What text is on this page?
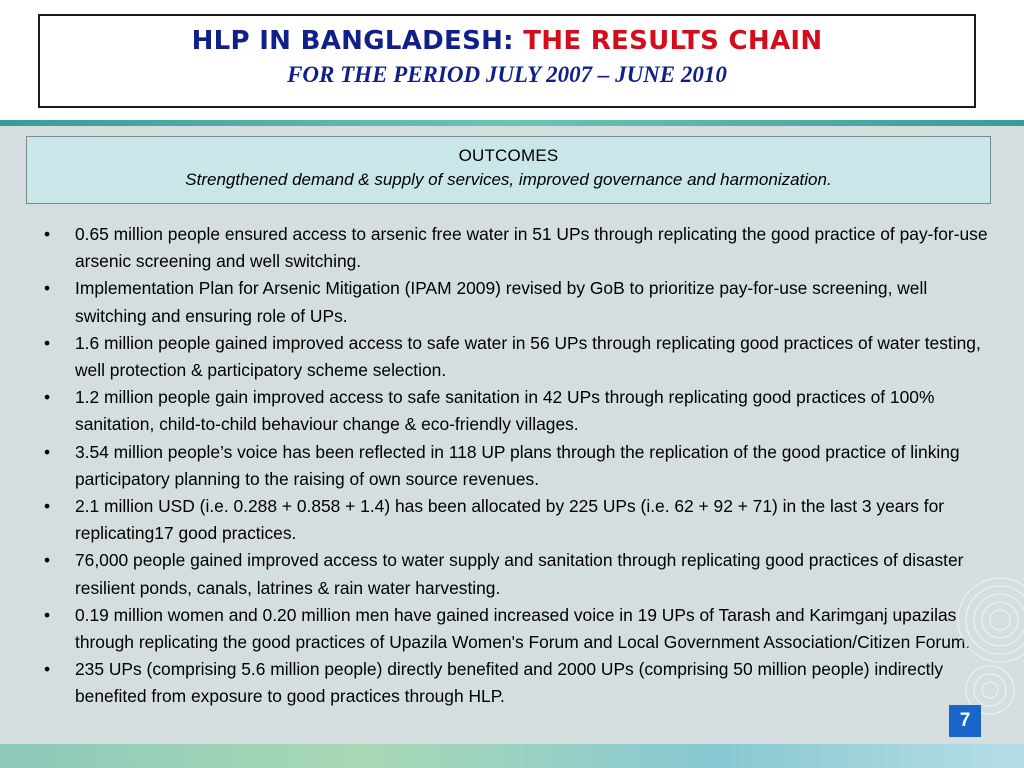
HLP IN BANGLADESH: THE RESULTS CHAIN
FOR THE PERIOD JULY 2007 – JUNE 2010
OUTCOMES
Strengthened demand & supply of services, improved governance and harmonization.
• 0.65 million people ensured access to arsenic free water in 51 UPs through replicating the good practice of pay-for-use arsenic screening and well switching.
• Implementation Plan for Arsenic Mitigation (IPAM 2009) revised by GoB to prioritize pay-for-use screening, well switching and ensuring role of UPs.
• 1.6 million people gained improved access to safe water in 56 UPs through replicating good practices of water testing, well protection & participatory scheme selection.
• 1.2 million people gain improved access to safe sanitation in 42 UPs through replicating good practices of 100% sanitation, child-to-child behaviour change & eco-friendly villages.
• 3.54 million people’s voice has been reflected in 118 UP plans through the replication of the good practice of linking participatory planning to the raising of own source revenues.
• 2.1 million USD (i.e. 0.288 + 0.858 + 1.4) has been allocated by 225 UPs (i.e. 62 + 92 + 71) in the last 3 years for replicating17 good practices.
• 76,000 people gained improved access to water supply and sanitation through replicating good practices of disaster resilient ponds, canals, latrines & rain water harvesting.
• 0.19 million women and 0.20 million men have gained increased voice in 19 UPs of Tarash and Karimganj upazilas through replicating the good practices of Upazila Women's Forum and Local Government Association/Citizen Forum.
• 235 UPs (comprising 5.6 million people) directly benefited and 2000 UPs (comprising 50 million people) indirectly benefited from exposure to good practices through HLP.
7
